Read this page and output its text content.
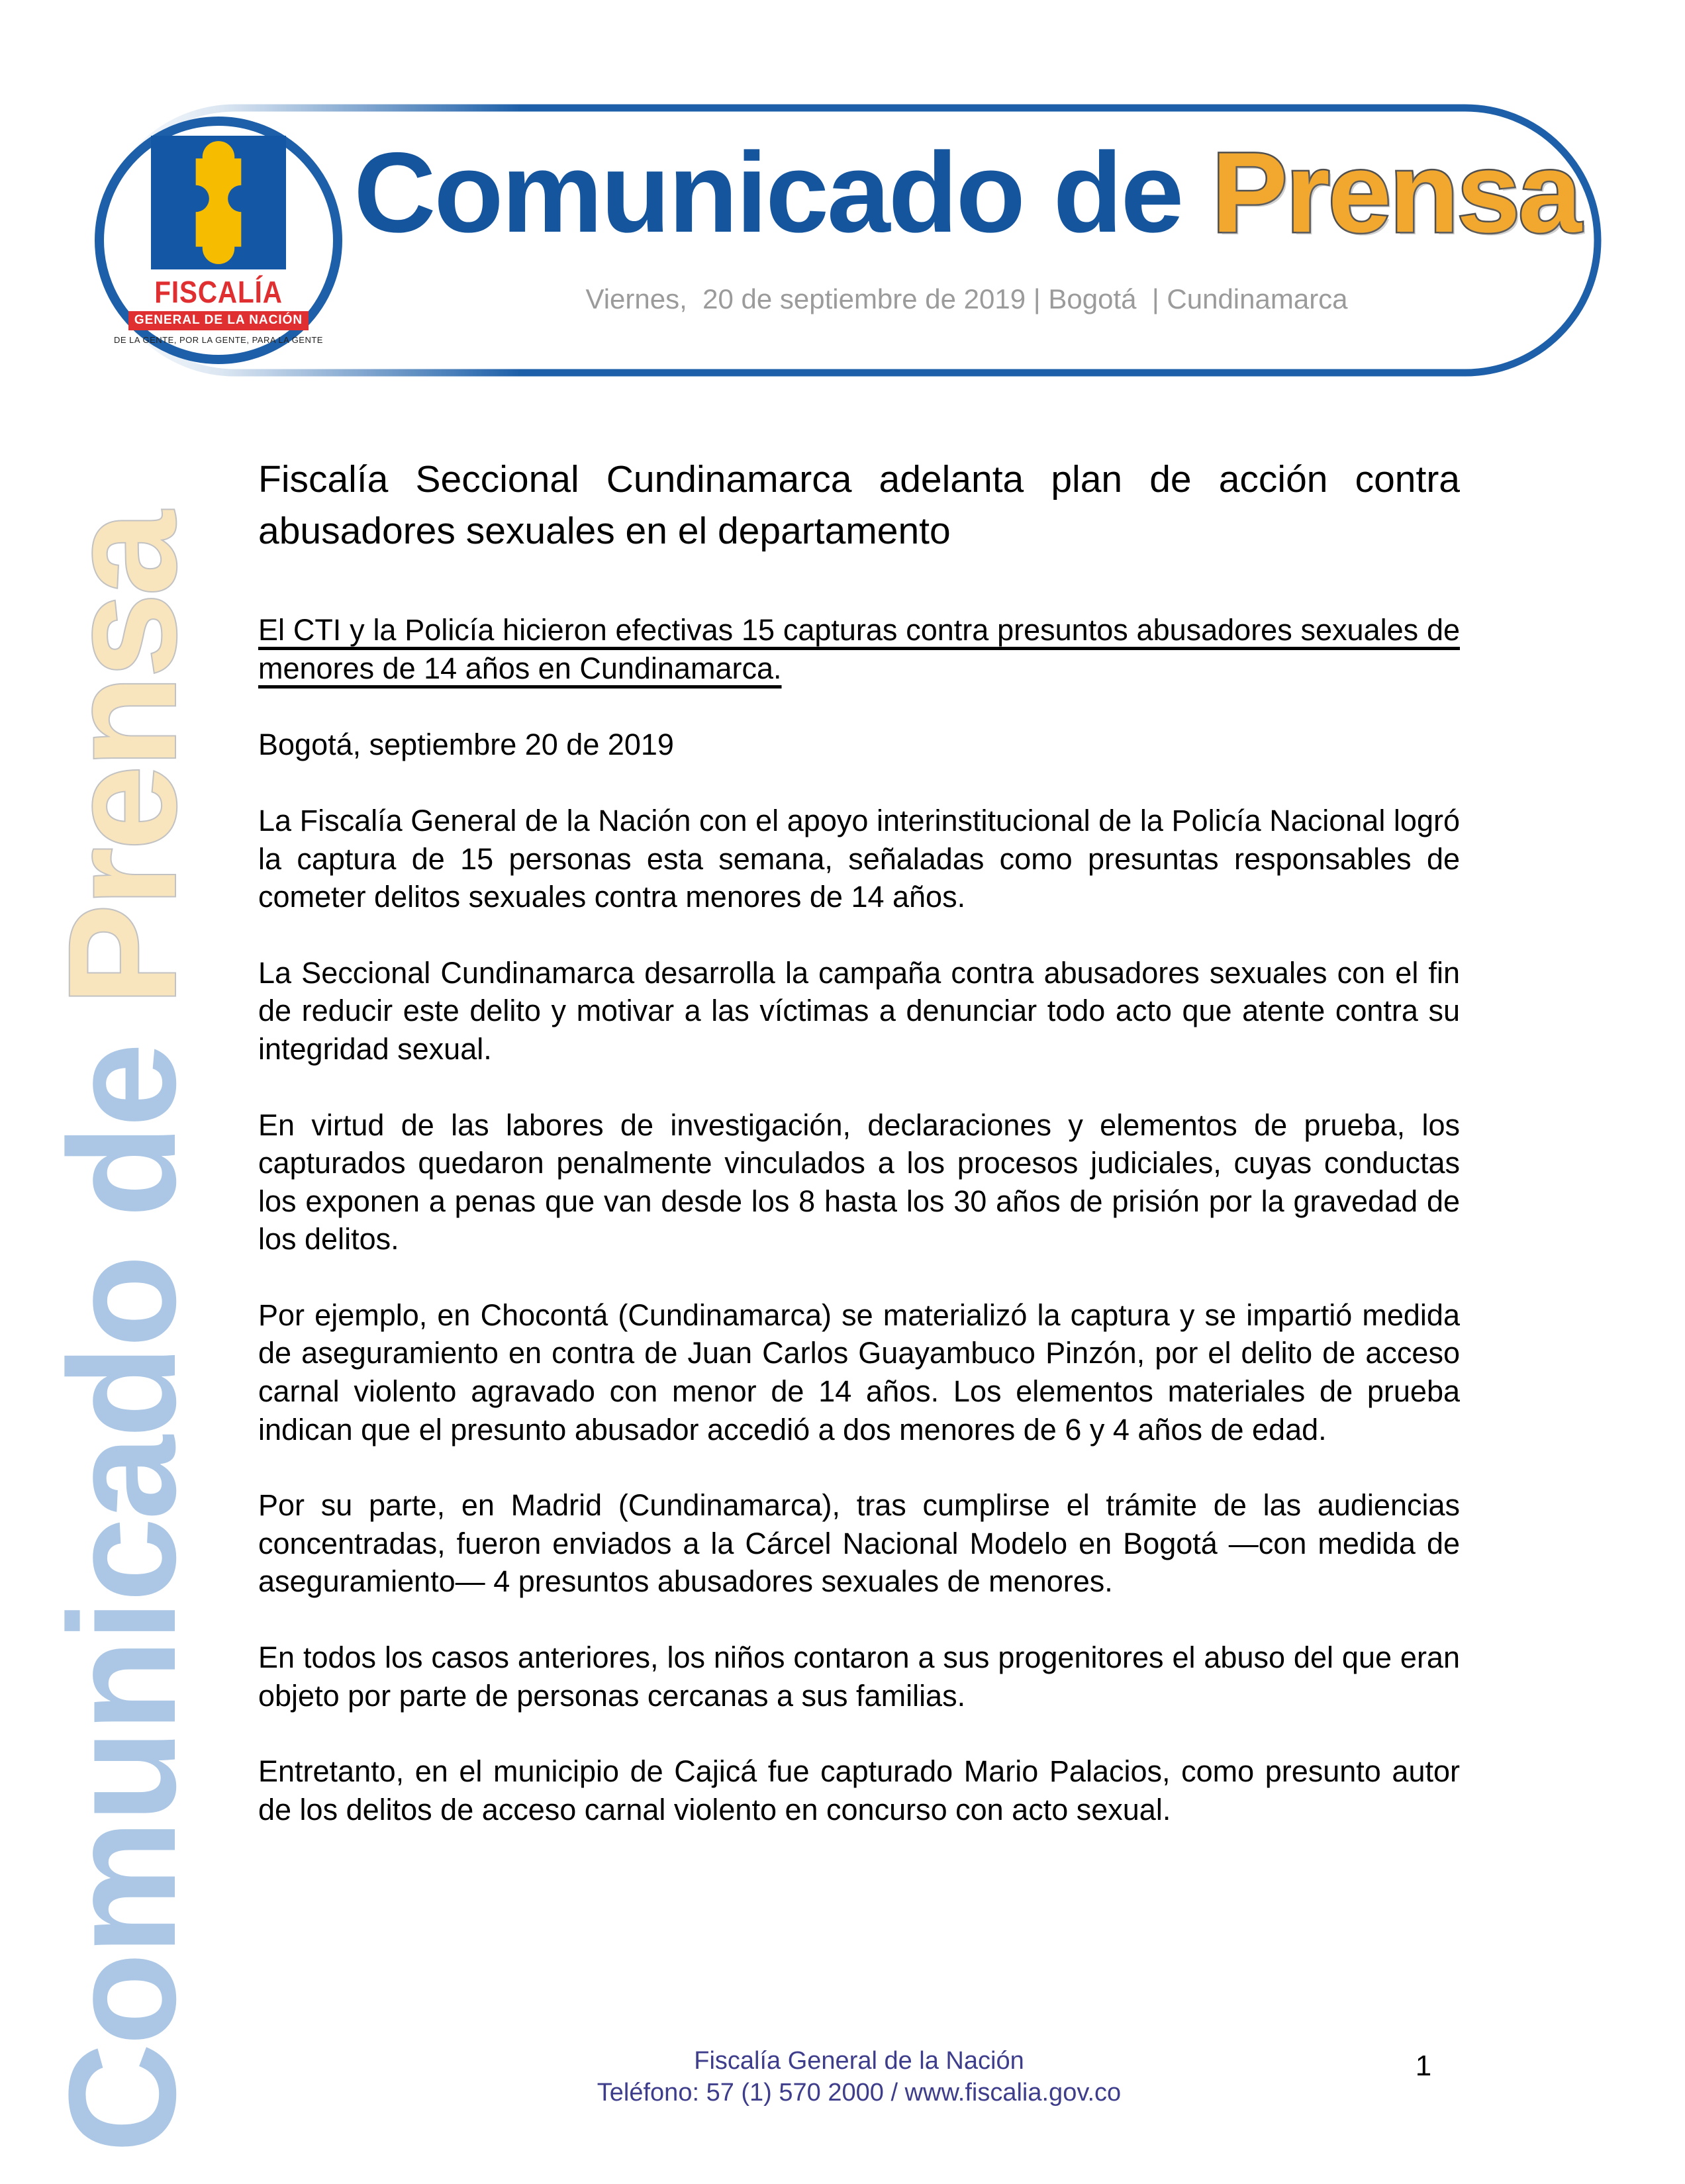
FISCALÍA
GENERAL DE LA NACIÓN
DE LA GENTE, POR LA GENTE, PARA LA GENTE
Comunicado de Prensa
Viernes,  20 de septiembre de 2019 | Bogotá  | Cundinamarca
Comunicado de Prensa
Fiscalía Seccional Cundinamarca adelanta plan de acción contra abusadores sexuales en el departamento

El CTI y la Policía hicieron efectivas 15 capturas contra presuntos abusadores sexuales de menores de 14 años en Cundinamarca.

Bogotá, septiembre 20 de 2019

La Fiscalía General de la Nación con el apoyo interinstitucional de la Policía Nacional logró la captura de 15 personas esta semana, señaladas como presuntas responsables de cometer delitos sexuales contra menores de 14 años.

La Seccional Cundinamarca desarrolla la campaña contra abusadores sexuales con el fin de reducir este delito y motivar a las víctimas a denunciar todo acto que atente contra su integridad sexual.

En virtud de las labores de investigación, declaraciones y elementos de prueba, los capturados quedaron penalmente vinculados a los procesos judiciales, cuyas conductas los exponen a penas que van desde los 8 hasta los 30 años de prisión por la gravedad de los delitos.

Por ejemplo, en Chocontá (Cundinamarca) se materializó la captura y se impartió medida de aseguramiento en contra de Juan Carlos Guayambuco Pinzón, por el delito de acceso carnal violento agravado con menor de 14 años. Los elementos materiales de prueba indican que el presunto abusador accedió a dos menores de 6 y 4 años de edad.

Por su parte, en Madrid (Cundinamarca), tras cumplirse el trámite de las audiencias concentradas, fueron enviados a la Cárcel Nacional Modelo en Bogotá —con medida de aseguramiento— 4 presuntos abusadores sexuales de menores.

En todos los casos anteriores, los niños contaron a sus progenitores el abuso del que eran objeto por parte de personas cercanas a sus familias.

Entretanto, en el municipio de Cajicá fue capturado Mario Palacios, como presunto autor de los delitos de acceso carnal violento en concurso con acto sexual.

Fiscalía General de la Nación
Teléfono: 57 (1) 570 2000 / www.fiscalia.gov.co
1
